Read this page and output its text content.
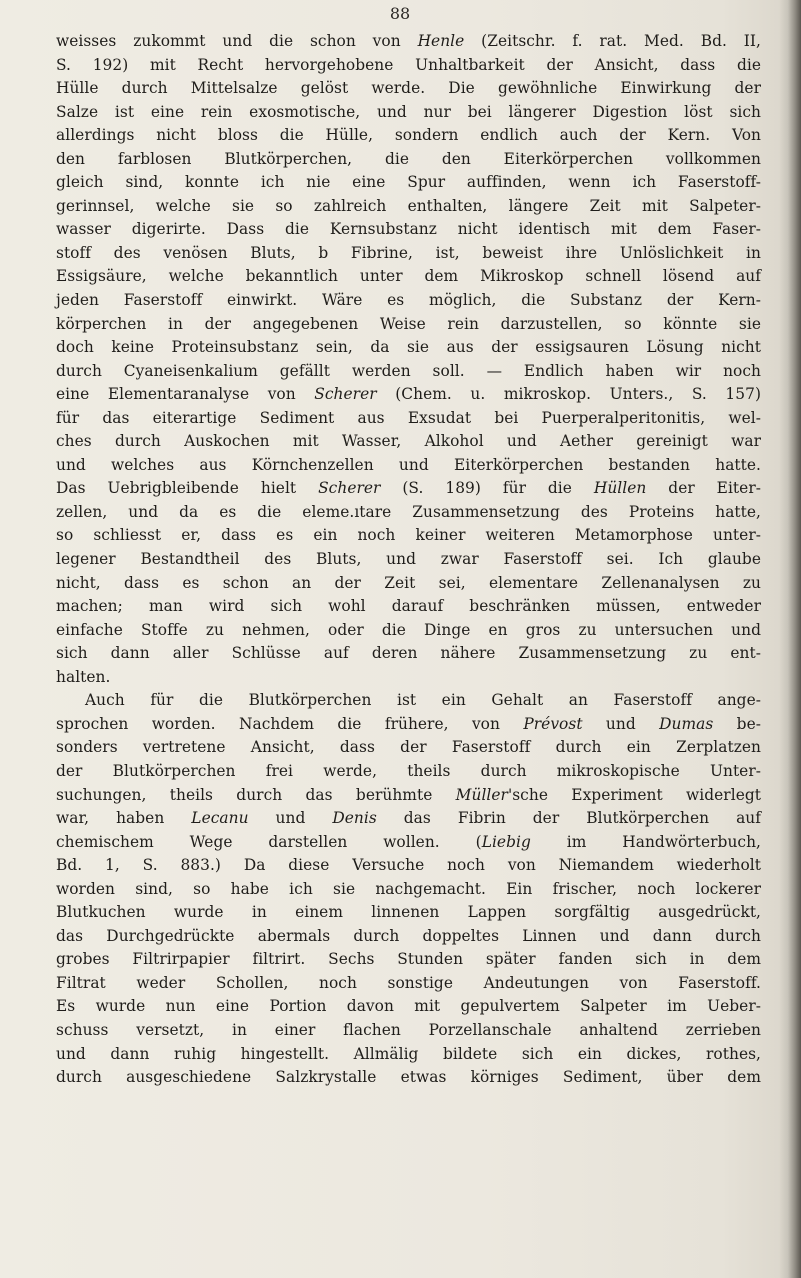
88
weisses zukommt und die schon von Henle (Zeitschr. f. rat. Med. Bd. II,
S. 192) mit Recht hervorgehobene Unhaltbarkeit der Ansicht, dass die
Hülle durch Mittelsalze gelöst werde. Die gewöhnliche Einwirkung der
Salze ist eine rein exosmotische, und nur bei längerer Digestion löst sich
allerdings nicht bloss die Hülle, sondern endlich auch der Kern. Von
den farblosen Blutkörperchen, die den Eiterkörperchen vollkommen
gleich sind, konnte ich nie eine Spur auffinden, wenn ich Faserstoff-
gerinnsel, welche sie so zahlreich enthalten, längere Zeit mit Salpeter-
wasser digerirte. Dass die Kernsubstanz nicht identisch mit dem Faser-
stoff des venösen Bluts, b Fibrine, ist, beweist ihre Unlöslichkeit in
Essigsäure, welche bekanntlich unter dem Mikroskop schnell lösend auf
jeden Faserstoff einwirkt. Wäre es möglich, die Substanz der Kern-
körperchen in der angegebenen Weise rein darzustellen, so könnte sie
doch keine Proteinsubstanz sein, da sie aus der essigsauren Lösung nicht
durch Cyaneisenkalium gefällt werden soll. — Endlich haben wir noch
eine Elementaranalyse von Scherer (Chem. u. mikroskop. Unters., S. 157)
für das eiterartige Sediment aus Exsudat bei Puerperalperitonitis, wel-
ches durch Auskochen mit Wasser, Alkohol und Aether gereinigt war
und welches aus Körnchenzellen und Eiterkörperchen bestanden hatte.
Das Uebrigbleibende hielt Scherer (S. 189) für die Hüllen der Eiter-
zellen, und da es die eleme.ıtare Zusammensetzung des Proteins hatte,
so schliesst er, dass es ein noch keiner weiteren Metamorphose unter-
legener Bestandtheil des Bluts, und zwar Faserstoff sei. Ich glaube
nicht, dass es schon an der Zeit sei, elementare Zellenanalysen zu
machen; man wird sich wohl darauf beschränken müssen, entweder
einfache Stoffe zu nehmen, oder die Dinge en gros zu untersuchen und
sich dann aller Schlüsse auf deren nähere Zusammensetzung zu ent-
halten.
Auch für die Blutkörperchen ist ein Gehalt an Faserstoff ange-
sprochen worden. Nachdem die frühere, von Prévost und Dumas be-
sonders vertretene Ansicht, dass der Faserstoff durch ein Zerplatzen
der Blutkörperchen frei werde, theils durch mikroskopische Unter-
suchungen, theils durch das berühmte Müller'sche Experiment widerlegt
war, haben Lecanu und Denis das Fibrin der Blutkörperchen auf
chemischem Wege darstellen wollen. (Liebig im Handwörterbuch,
Bd. 1, S. 883.) Da diese Versuche noch von Niemandem wiederholt
worden sind, so habe ich sie nachgemacht. Ein frischer, noch lockerer
Blutkuchen wurde in einem linnenen Lappen sorgfältig ausgedrückt,
das Durchgedrückte abermals durch doppeltes Linnen und dann durch
grobes Filtrirpapier filtrirt. Sechs Stunden später fanden sich in dem
Filtrat weder Schollen, noch sonstige Andeutungen von Faserstoff.
Es wurde nun eine Portion davon mit gepulvertem Salpeter im Ueber-
schuss versetzt, in einer flachen Porzellanschale anhaltend zerrieben
und dann ruhig hingestellt. Allmälig bildete sich ein dickes, rothes,
durch ausgeschiedene Salzkrystalle etwas körniges Sediment, über dem
